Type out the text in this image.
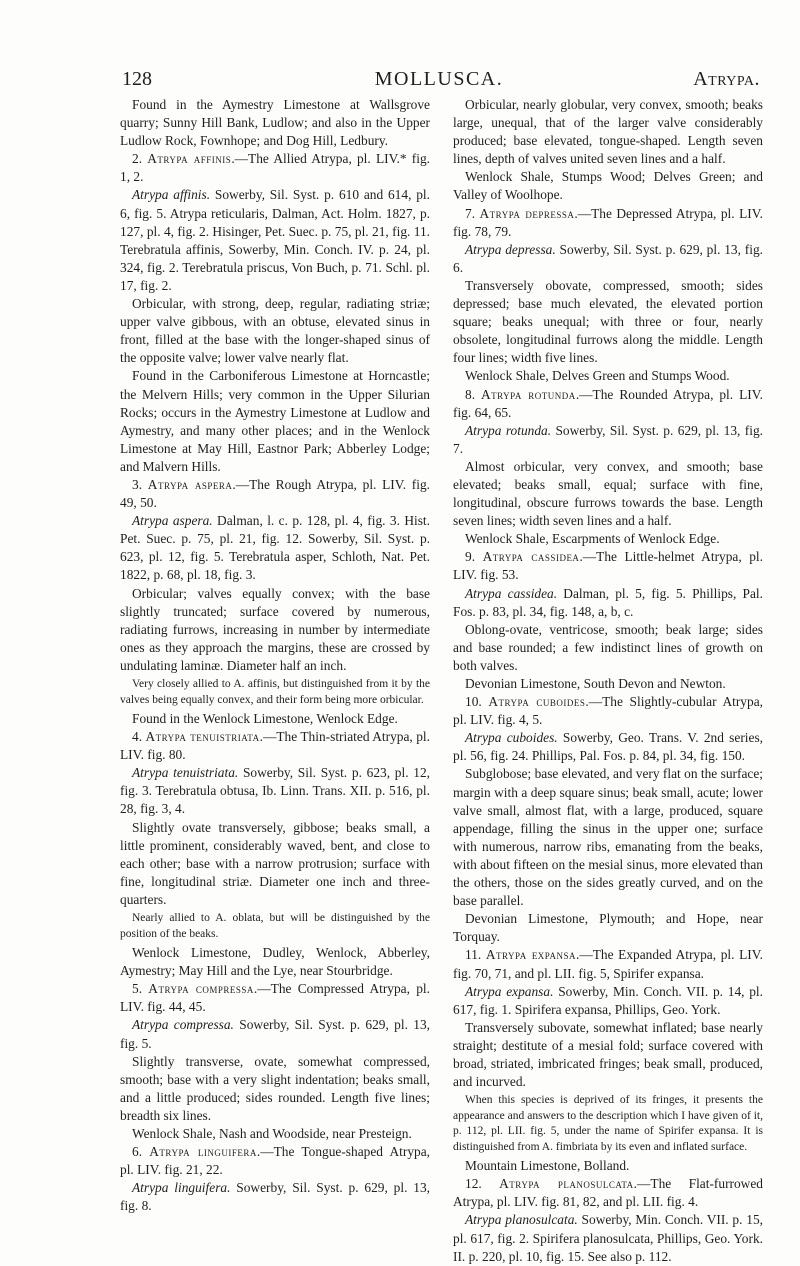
128	MOLLUSCA.	Atrypa.

Found in the Aymestry Limestone at Wallsgrove quarry; Sunny Hill Bank, Ludlow; and also in the Upper Ludlow Rock, Fownhope; and Dog Hill, Ledbury.

2. Atrypa affinis.—The Allied Atrypa, pl. LIV.* fig. 1, 2.

Atrypa affinis. Sowerby, Sil. Syst. p. 610 and 614, pl. 6, fig. 5. Atrypa reticularis, Dalman, Act. Holm. 1827, p. 127, pl. 4, fig. 2. Hisinger, Pet. Suec. p. 75, pl. 21, fig. 11. Terebratula affinis, Sowerby, Min. Conch. IV. p. 24, pl. 324, fig. 2. Terebratula priscus, Von Buch, p. 71. Schl. pl. 17, fig. 2.

Orbicular, with strong, deep, regular, radiating striæ; upper valve gibbous, with an obtuse, elevated sinus in front, filled at the base with the longer-shaped sinus of the opposite valve; lower valve nearly flat.

Found in the Carboniferous Limestone at Horncastle; the Melvern Hills; very common in the Upper Silurian Rocks; occurs in the Aymestry Limestone at Ludlow and Aymestry, and many other places; and in the Wenlock Limestone at May Hill, Eastnor Park; Abberley Lodge; and Malvern Hills.

3. Atrypa aspera.—The Rough Atrypa, pl. LIV. fig. 49, 50.

Atrypa aspera. Dalman, l. c. p. 128, pl. 4, fig. 3. Hist. Pet. Suec. p. 75, pl. 21, fig. 12. Sowerby, Sil. Syst. p. 623, pl. 12, fig. 5. Terebratula asper, Schloth, Nat. Pet. 1822, p. 68, pl. 18, fig. 3.

Orbicular; valves equally convex; with the base slightly truncated; surface covered by numerous, radiating furrows, increasing in number by intermediate ones as they approach the margins, these are crossed by undulating laminæ. Diameter half an inch.

Very closely allied to A. affinis, but distinguished from it by the valves being equally convex, and their form being more orbicular.

Found in the Wenlock Limestone, Wenlock Edge.

4. Atrypa tenuistriata.—The Thin-striated Atrypa, pl. LIV. fig. 80.

Atrypa tenuistriata. Sowerby, Sil. Syst. p. 623, pl. 12, fig. 3. Terebratula obtusa, Ib. Linn. Trans. XII. p. 516, pl. 28, fig. 3, 4.

Slightly ovate transversely, gibbose; beaks small, a little prominent, considerably waved, bent, and close to each other; base with a narrow protrusion; surface with fine, longitudinal striæ. Diameter one inch and three-quarters.

Nearly allied to A. oblata, but will be distinguished by the position of the beaks.

Wenlock Limestone, Dudley, Wenlock, Abberley, Aymestry; May Hill and the Lye, near Stourbridge.

5. Atrypa compressa.—The Compressed Atrypa, pl. LIV. fig. 44, 45.

Atrypa compressa. Sowerby, Sil. Syst. p. 629, pl. 13, fig. 5.

Slightly transverse, ovate, somewhat compressed, smooth; base with a very slight indentation; beaks small, and a little produced; sides rounded. Length five lines; breadth six lines.

Wenlock Shale, Nash and Woodside, near Presteign.

6. Atrypa linguifera.—The Tongue-shaped Atrypa, pl. LIV. fig. 21, 22.

Atrypa linguifera. Sowerby, Sil. Syst. p. 629, pl. 13, fig. 8.

Orbicular, nearly globular, very convex, smooth; beaks large, unequal, that of the larger valve considerably produced; base elevated, tongue-shaped. Length seven lines, depth of valves united seven lines and a half.

Wenlock Shale, Stumps Wood; Delves Green; and Valley of Woolhope.

7. Atrypa depressa.—The Depressed Atrypa, pl. LIV. fig. 78, 79.

Atrypa depressa. Sowerby, Sil. Syst. p. 629, pl. 13, fig. 6.

Transversely obovate, compressed, smooth; sides depressed; base much elevated, the elevated portion square; beaks unequal; with three or four, nearly obsolete, longitudinal furrows along the middle. Length four lines; width five lines.

Wenlock Shale, Delves Green and Stumps Wood.

8. Atrypa rotunda.—The Rounded Atrypa, pl. LIV. fig. 64, 65.

Atrypa rotunda. Sowerby, Sil. Syst. p. 629, pl. 13, fig. 7.

Almost orbicular, very convex, and smooth; base elevated; beaks small, equal; surface with fine, longitudinal, obscure furrows towards the base. Length seven lines; width seven lines and a half.

Wenlock Shale, Escarpments of Wenlock Edge.

9. Atrypa cassidea.—The Little-helmet Atrypa, pl. LIV. fig. 53.

Atrypa cassidea. Dalman, pl. 5, fig. 5. Phillips, Pal. Fos. p. 83, pl. 34, fig. 148, a, b, c.

Oblong-ovate, ventricose, smooth; beak large; sides and base rounded; a few indistinct lines of growth on both valves.

Devonian Limestone, South Devon and Newton.

10. Atrypa cuboides.—The Slightly-cubular Atrypa, pl. LIV. fig. 4, 5.

Atrypa cuboides. Sowerby, Geo. Trans. V. 2nd series, pl. 56, fig. 24. Phillips, Pal. Fos. p. 84, pl. 34, fig. 150.

Subglobose; base elevated, and very flat on the surface; margin with a deep square sinus; beak small, acute; lower valve small, almost flat, with a large, produced, square appendage, filling the sinus in the upper one; surface with numerous, narrow ribs, emanating from the beaks, with about fifteen on the mesial sinus, more elevated than the others, those on the sides greatly curved, and on the base parallel.

Devonian Limestone, Plymouth; and Hope, near Torquay.

11. Atrypa expansa.—The Expanded Atrypa, pl. LIV. fig. 70, 71, and pl. LII. fig. 5, Spirifer expansa.

Atrypa expansa. Sowerby, Min. Conch. VII. p. 14, pl. 617, fig. 1. Spirifera expansa, Phillips, Geo. York.

Transversely subovate, somewhat inflated; base nearly straight; destitute of a mesial fold; surface covered with broad, striated, imbricated fringes; beak small, produced, and incurved.

When this species is deprived of its fringes, it presents the appearance and answers to the description which I have given of it, p. 112, pl. LII. fig. 5, under the name of Spirifer expansa. It is distinguished from A. fimbriata by its even and inflated surface.

Mountain Limestone, Bolland.

12. Atrypa planosulcata.—The Flat-furrowed Atrypa, pl. LIV. fig. 81, 82, and pl. LII. fig. 4.

Atrypa planosulcata. Sowerby, Min. Conch. VII. p. 15, pl. 617, fig. 2. Spirifera planosulcata, Phillips, Geo. York. II. p. 220, pl. 10, fig. 15. See also p. 112.
